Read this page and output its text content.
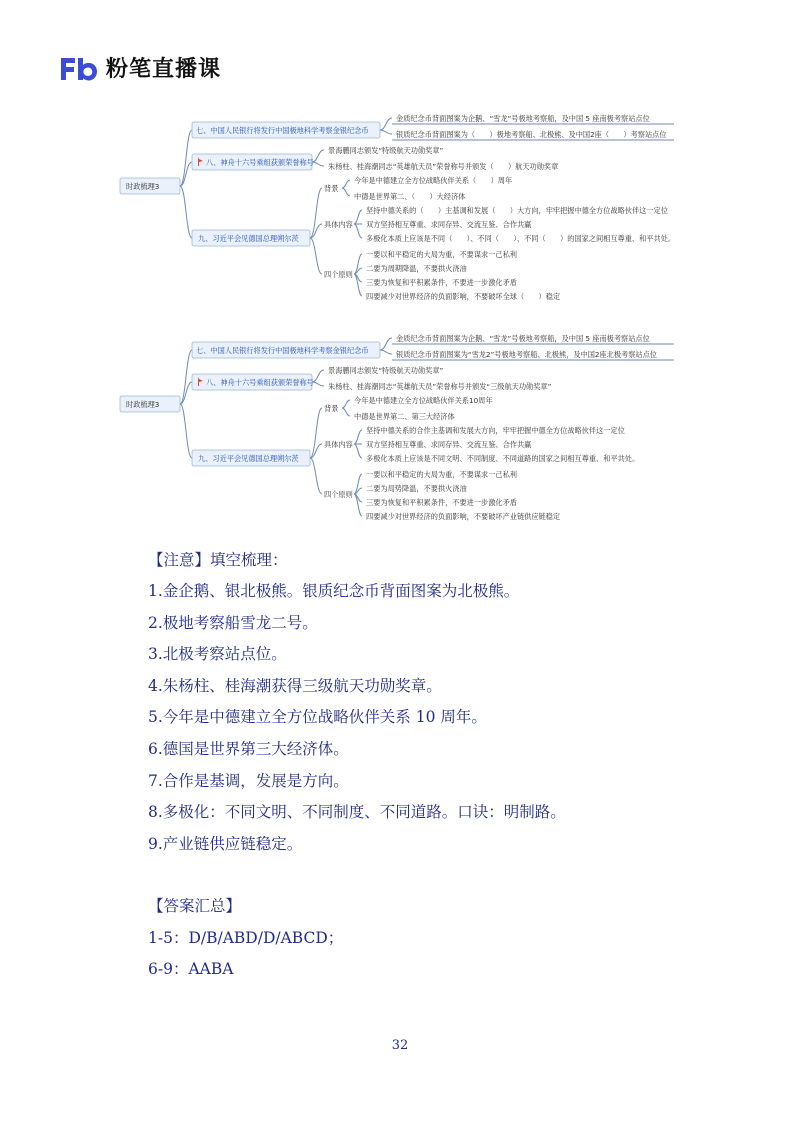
粉笔直播课
时政梳理3
七、中国人民银行将发行中国极地科学考察金银纪念币
金质纪念币背面图案为企鹅、“雪龙”号极地考察船，及中国 5 座南极考察站点位
银质纪念币背面图案为（　　）极地考察船、北极熊、及中国2座（　　）考察站点位
八、神舟十六号乘组获颁荣誉称号
景海鹏同志颁发“特级航天功勋奖章”
朱杨柱、桂海潮同志“英雄航天员”荣誉称号并颁发（　　）航天功勋奖章
九、习近平会见德国总理朔尔茨
背景
今年是中德建立全方位战略伙伴关系（　　）周年
中德是世界第二、（　　）大经济体
具体内容
坚持中德关系的（　　）主基调和发展（　　）大方向，牢牢把握中德全方位战略伙伴这一定位
双方坚持相互尊重、求同存异、交流互鉴、合作共赢
多极化本质上应该是不同（　　）、不同（　　）、不同（　　）的国家之间相互尊重、和平共处。
四个原则
一要以和平稳定的大局为重，不要谋求一己私利
二要为周期降温，不要拱火浇油
三要为恢复和平积累条件，不要进一步激化矛盾
四要减少对世界经济的负面影响，不要破坏全球（　　）稳定
时政梳理3
七、中国人民银行将发行中国极地科学考察金银纪念币
金质纪念币背面图案为企鹅、“雪龙”号极地考察船，及中国 5 座南极考察站点位
银质纪念币背面图案为“雪龙2”号极地考察船、北极熊，及中国2座北极考察站点位
八、神舟十六号乘组获颁荣誉称号
景海鹏同志颁发“特级航天功勋奖章”
朱杨柱、桂海潮同志“英雄航天员”荣誉称号并颁发“三级航天功勋奖章”
九、习近平会见德国总理朔尔茨
背景
今年是中德建立全方位战略伙伴关系10周年
中德是世界第二、第三大经济体
具体内容
坚持中德关系的合作主基调和发展大方向，牢牢把握中德全方位战略伙伴这一定位
双方坚持相互尊重、求同存异、交流互鉴、合作共赢
多极化本质上应该是不同文明、不同制度、不同道路的国家之间相互尊重、和平共处。
四个原则
一要以和平稳定的大局为重，不要谋求一己私利
二要为局势降温，不要拱火浇油
三要为恢复和平积累条件，不要进一步激化矛盾
四要减少对世界经济的负面影响，不要破坏产业链供应链稳定
【注意】填空梳理：
1.金企鹅、银北极熊。银质纪念币背面图案为北极熊。
2.极地考察船雪龙二号。
3.北极考察站点位。
4.朱杨柱、桂海潮获得三级航天功勋奖章。
5.今年是中德建立全方位战略伙伴关系 10 周年。
6.德国是世界第三大经济体。
7.合作是基调，发展是方向。
8.多极化：不同文明、不同制度、不同道路。口诀：明制路。
9.产业链供应链稳定。
【答案汇总】
1-5：D/B/ABD/D/ABCD；
6-9：AABA
32
